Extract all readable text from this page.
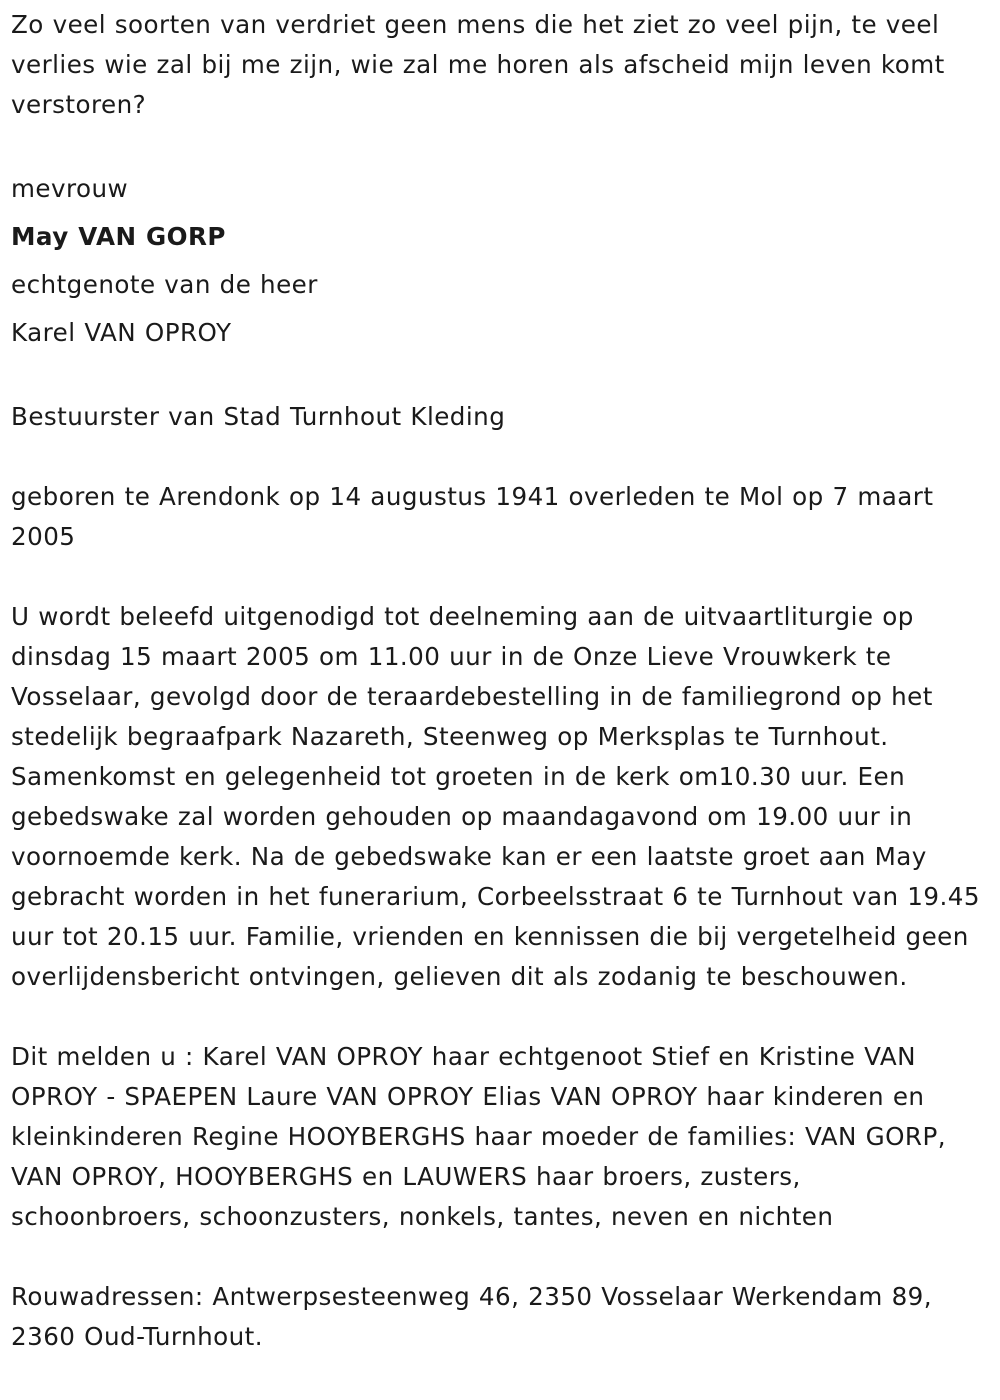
Zo veel soorten van verdriet geen mens die het ziet zo veel pijn, te veel verlies wie zal bij me zijn, wie zal me horen als afscheid mijn leven komt verstoren?

mevrouw

May VAN GORP

echtgenote van de heer

Karel VAN OPROY

Bestuurster van Stad Turnhout Kleding

geboren te Arendonk op 14 augustus 1941 overleden te Mol op 7 maart 2005

U wordt beleefd uitgenodigd tot deelneming aan de uitvaartliturgie op dinsdag 15 maart 2005 om 11.00 uur in de Onze Lieve Vrouwkerk te Vosselaar, gevolgd door de teraardebestelling in de familiegrond op het stedelijk begraafpark Nazareth, Steenweg op Merksplas te Turnhout. Samenkomst en gelegenheid tot groeten in de kerk om10.30 uur. Een gebedswake zal worden gehouden op maandagavond om 19.00 uur in voornoemde kerk. Na de gebedswake kan er een laatste groet aan May gebracht worden in het funerarium, Corbeelsstraat 6 te Turnhout van 19.45 uur tot 20.15 uur. Familie, vrienden en kennissen die bij vergetelheid geen overlijdensbericht ontvingen, gelieven dit als zodanig te beschouwen.

Dit melden u : Karel VAN OPROY haar echtgenoot Stief en Kristine VAN OPROY - SPAEPEN Laure VAN OPROY Elias VAN OPROY haar kinderen en kleinkinderen Regine HOOYBERGHS haar moeder de families: VAN GORP, VAN OPROY, HOOYBERGHS en LAUWERS haar broers, zusters, schoonbroers, schoonzusters, nonkels, tantes, neven en nichten

Rouwadressen: Antwerpsesteenweg 46, 2350 Vosselaar Werkendam 89, 2360 Oud-Turnhout.
